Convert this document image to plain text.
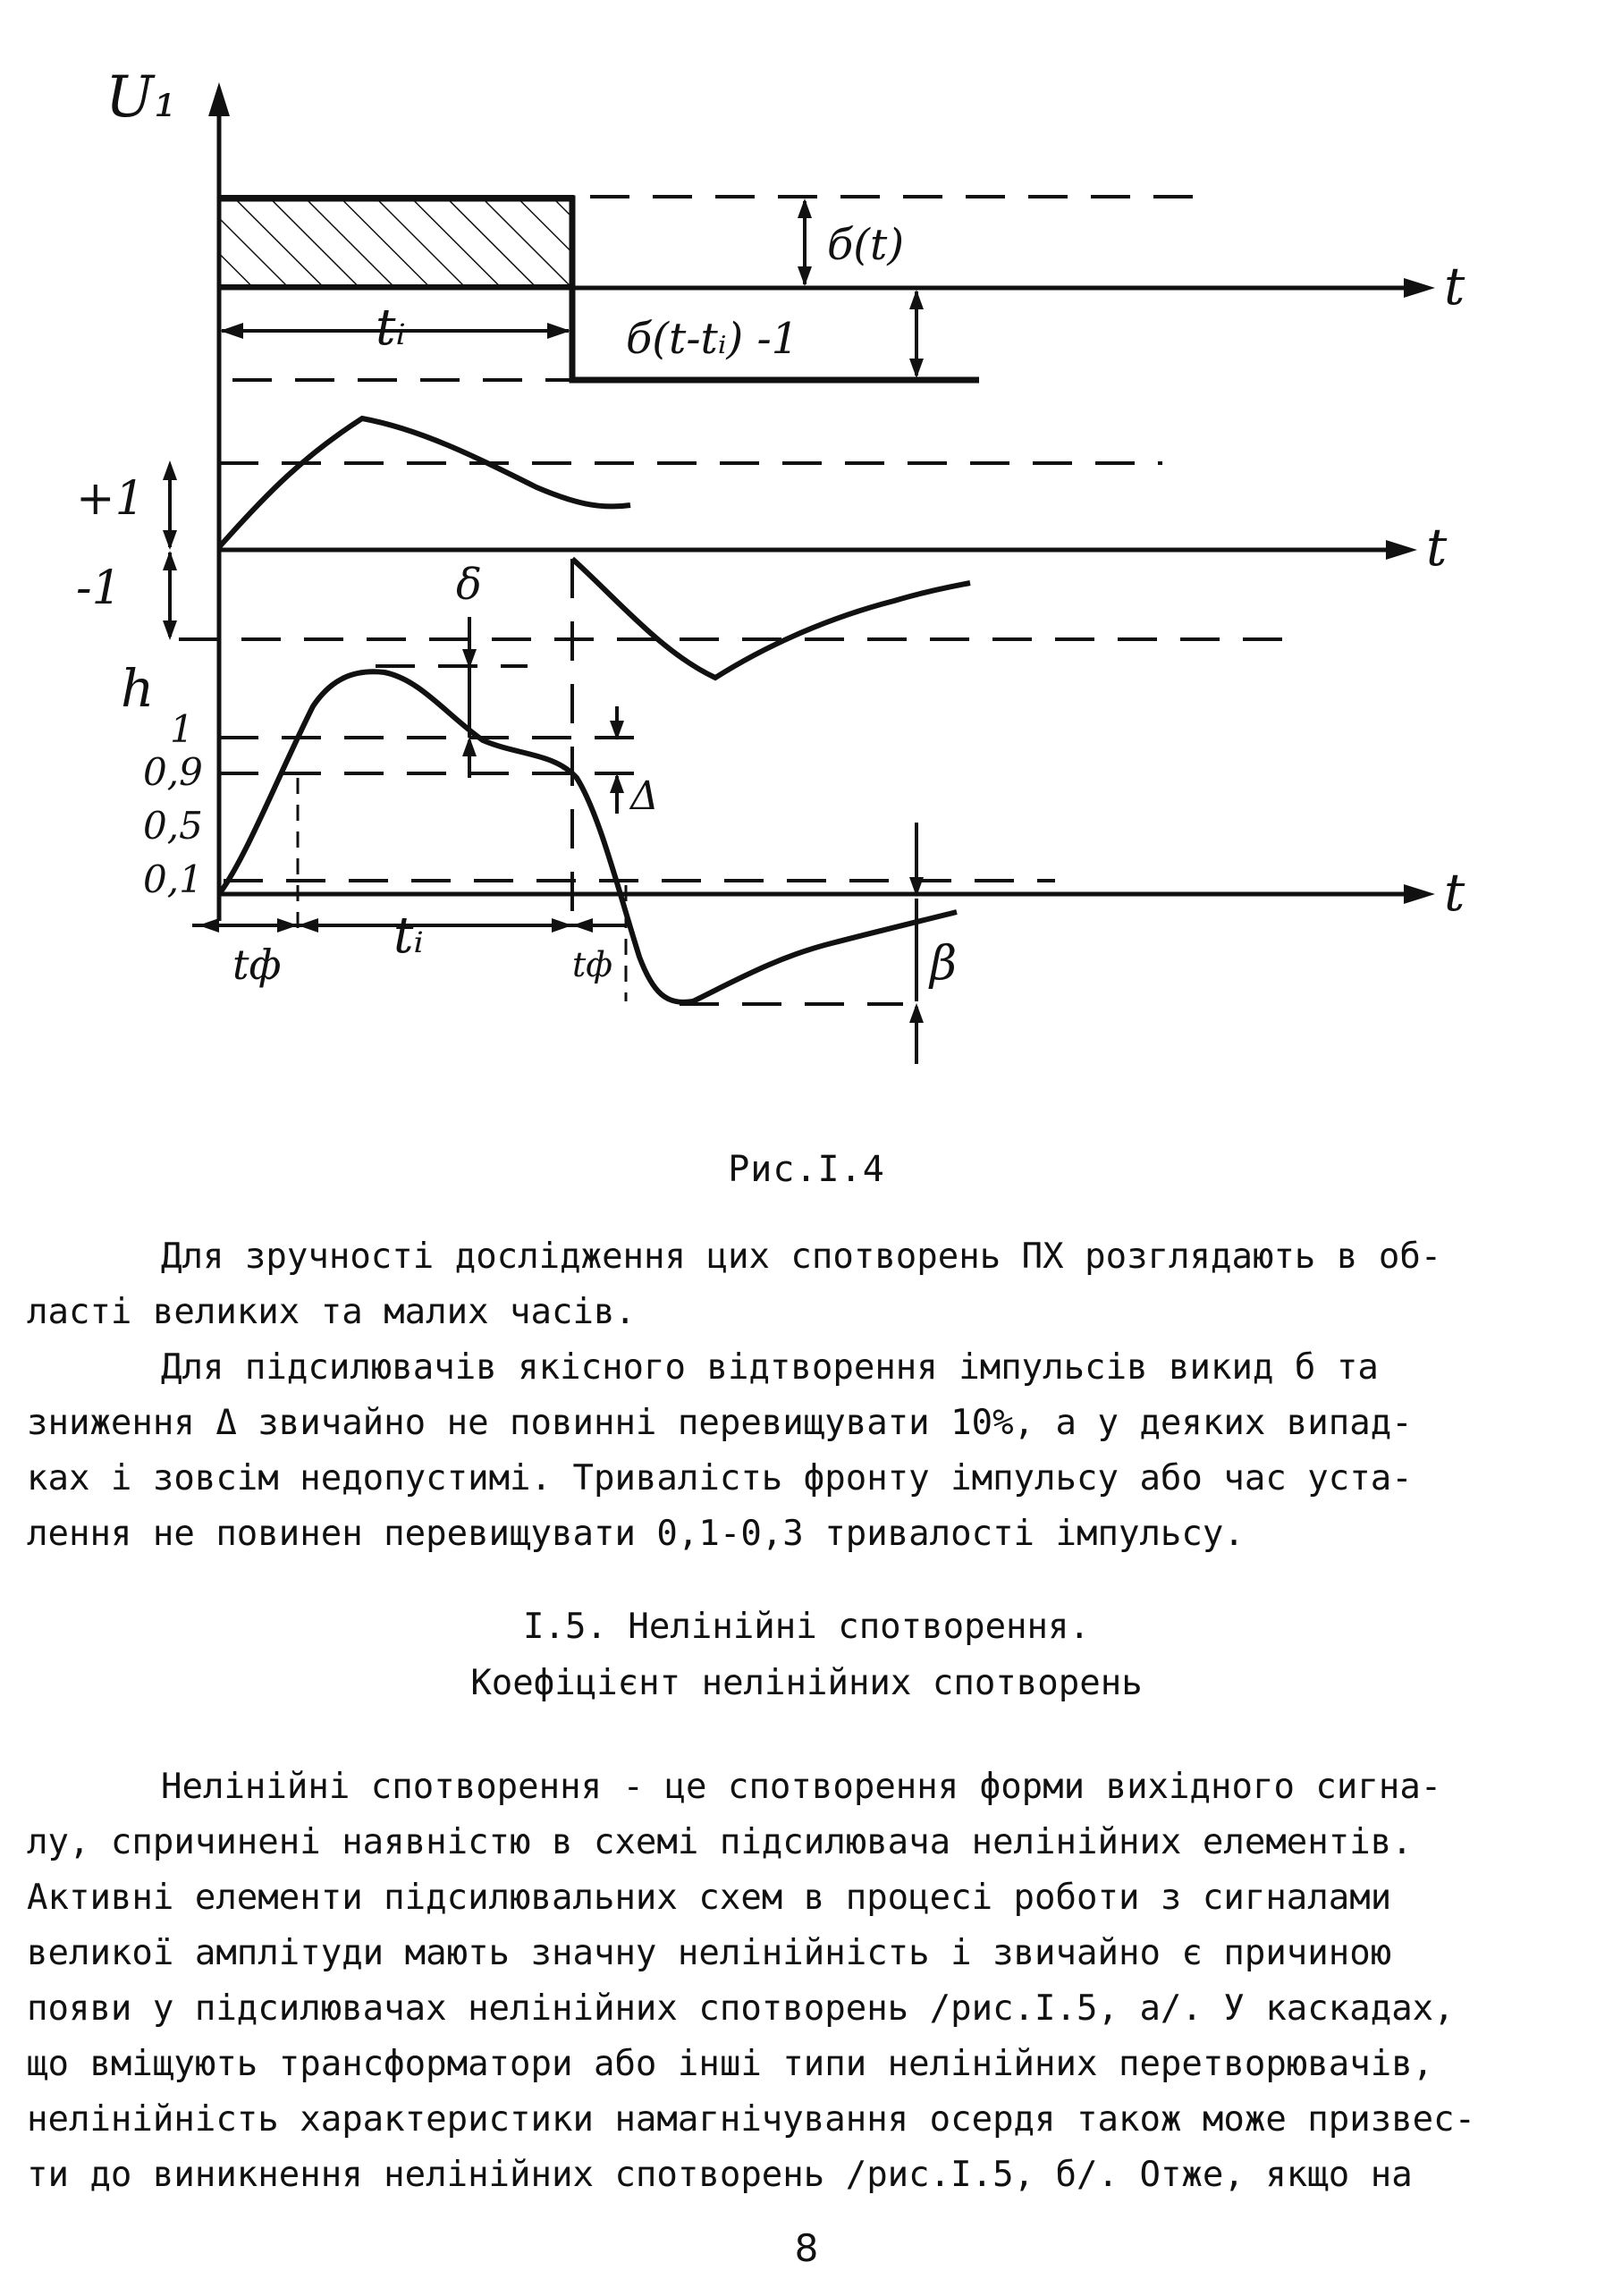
U₁
б(t)
б(t-tᵢ) -1
tᵢ
t
+1
-1
t
h
δ
Δ
1
0,9
0,5
0,1
tф tᵢ	tф	β
t
Рис.I.4

Для зручності дослідження цих спотворень ПХ розглядають в об-

ласті великих та малих часів.

Для підсилювачів якісного відтворення імпульсів викид б та

зниження Δ звичайно не повинні перевищувати 10%, а у деяких випад-

ках і зовсім недопустимі. Тривалість фронту імпульсу або час уста-

лення не повинен перевищувати 0,1-0,3 тривалості імпульсу.

I.5. Нелінійні спотворення.
Коефіцієнт нелінійних спотворень

Нелінійні спотворення - це спотворення форми вихідного сигна-

лу, спричинені наявністю в схемі підсилювача нелінійних елементів.

Активні елементи підсилювальних схем в процесі роботи з сигналами

великої амплітуди мають значну нелінійність і звичайно є причиною

появи у підсилювачах нелінійних спотворень /рис.I.5, а/. У каскадах,

що вміщують трансформатори або інші типи нелінійних перетворювачів,

нелінійність характеристики намагнічування осердя також може призвес-

ти до виникнення нелінійних спотворень /рис.I.5, б/. Отже, якщо на

8
